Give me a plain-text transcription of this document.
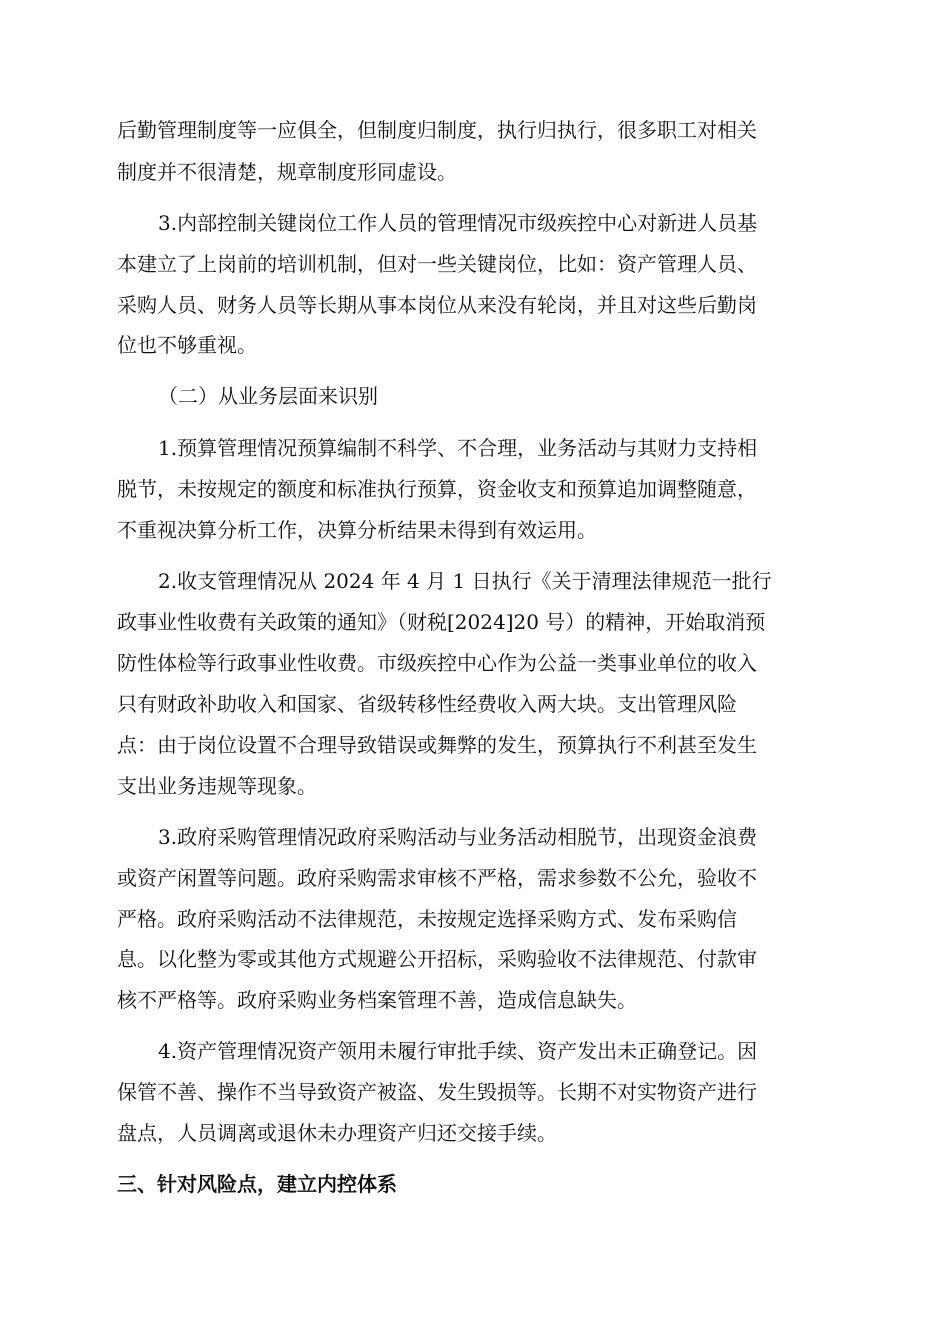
后勤管理制度等一应俱全，但制度归制度，执行归执行，很多职工对相关
制度并不很清楚，规章制度形同虚设。
3.内部控制关键岗位工作人员的管理情况市级疾控中心对新进人员基
本建立了上岗前的培训机制，但对一些关键岗位，比如：资产管理人员、
采购人员、财务人员等长期从事本岗位从来没有轮岗，并且对这些后勤岗
位也不够重视。
（二）从业务层面来识别
1.预算管理情况预算编制不科学、不合理，业务活动与其财力支持相
脱节，未按规定的额度和标准执行预算，资金收支和预算追加调整随意，
不重视决算分析工作，决算分析结果未得到有效运用。
2.收支管理情况从 2024 年 4 月 1 日执行《关于清理法律规范一批行
政事业性收费有关政策的通知》（财税[2024]20 号）的精神，开始取消预
防性体检等行政事业性收费。市级疾控中心作为公益一类事业单位的收入
只有财政补助收入和国家、省级转移性经费收入两大块。支出管理风险
点：由于岗位设置不合理导致错误或舞弊的发生，预算执行不利甚至发生
支出业务违规等现象。
3.政府采购管理情况政府采购活动与业务活动相脱节，出现资金浪费
或资产闲置等问题。政府采购需求审核不严格，需求参数不公允，验收不
严格。政府采购活动不法律规范，未按规定选择采购方式、发布采购信
息。以化整为零或其他方式规避公开招标，采购验收不法律规范、付款审
核不严格等。政府采购业务档案管理不善，造成信息缺失。
4.资产管理情况资产领用未履行审批手续、资产发出未正确登记。因
保管不善、操作不当导致资产被盗、发生毁损等。长期不对实物资产进行
盘点，人员调离或退休未办理资产归还交接手续。
三、针对风险点，建立内控体系
